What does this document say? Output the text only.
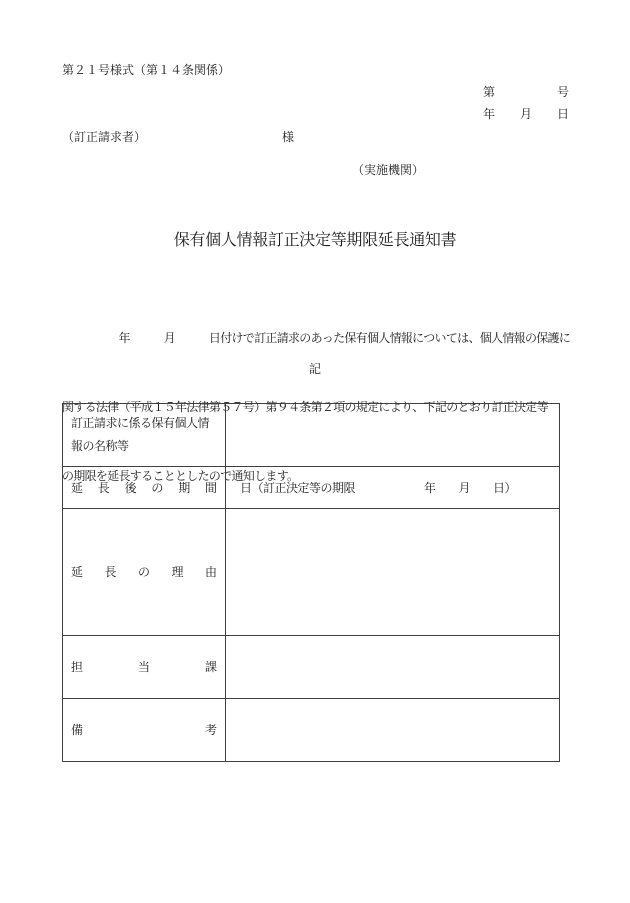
第２１号様式（第１４条関係）
第	号
年 月 日
（訂正請求者）	様
（実施機関）
保有個人情報訂正決定等期限延長通知書

　　　　　年　　　月　　　日付けで訂正請求のあった保有個人情報については、個人情報の保護に

関する法律（平成１５年法律第５７号）第９４条第２項の規定により、下記のとおり訂正決定等

の期限を延長することとしたので通知します。

記
訂正請求に係る保有個人情報の名称等
延 長 後 の 期 間 日（訂正決定等の期限　　　　　　年　　月　　日）
延 長 の 理 由
担	当	課
備	考
